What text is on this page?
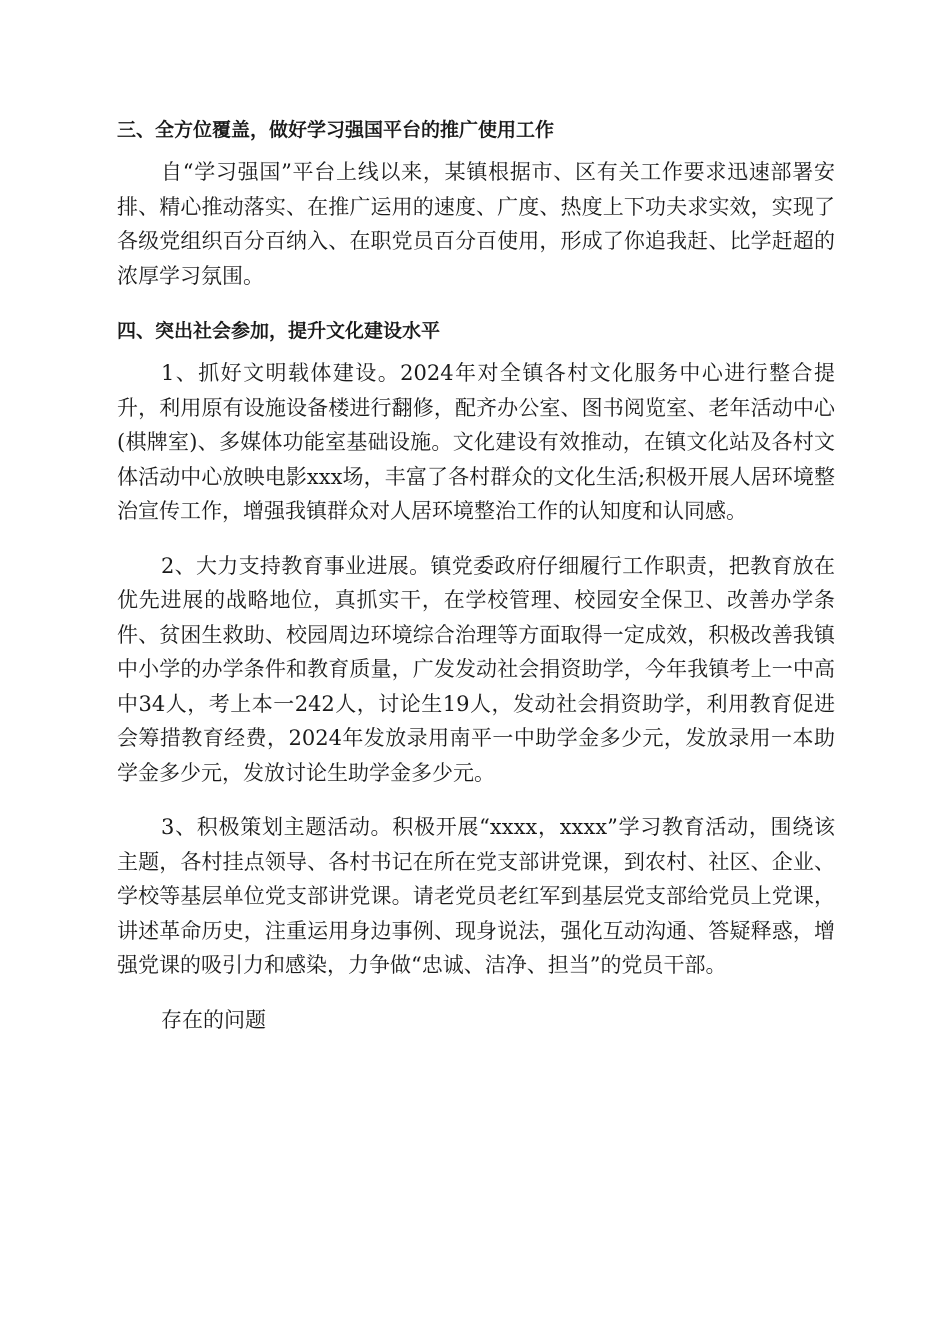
三、全方位覆盖，做好学习强国平台的推广使用工作

自“学习强国”平台上线以来，某镇根据市、区有关工作要求迅速部署安排、精心推动落实、在推广运用的速度、广度、热度上下功夫求实效，实现了各级党组织百分百纳入、在职党员百分百使用，形成了你追我赶、比学赶超的浓厚学习氛围。

四、突出社会参加，提升文化建设水平

1、抓好文明载体建设。2024年对全镇各村文化服务中心进行整合提升，利用原有设施设备楼进行翻修，配齐办公室、图书阅览室、老年活动中心(棋牌室)、多媒体功能室基础设施。文化建设有效推动，在镇文化站及各村文体活动中心放映电影xxx场，丰富了各村群众的文化生活;积极开展人居环境整治宣传工作，增强我镇群众对人居环境整治工作的认知度和认同感。

2、大力支持教育事业进展。镇党委政府仔细履行工作职责，把教育放在优先进展的战略地位，真抓实干，在学校管理、校园安全保卫、改善办学条件、贫困生救助、校园周边环境综合治理等方面取得一定成效，积极改善我镇中小学的办学条件和教育质量，广发发动社会捐资助学，今年我镇考上一中高中34人，考上本一242人，讨论生19人，发动社会捐资助学，利用教育促进会筹措教育经费，2024年发放录用南平一中助学金多少元，发放录用一本助学金多少元，发放讨论生助学金多少元。

3、积极策划主题活动。积极开展“xxxx，xxxx”学习教育活动，围绕该主题，各村挂点领导、各村书记在所在党支部讲党课，到农村、社区、企业、学校等基层单位党支部讲党课。请老党员老红军到基层党支部给党员上党课，讲述革命历史，注重运用身边事例、现身说法，强化互动沟通、答疑释惑，增强党课的吸引力和感染，力争做“忠诚、洁净、担当”的党员干部。

存在的问题
